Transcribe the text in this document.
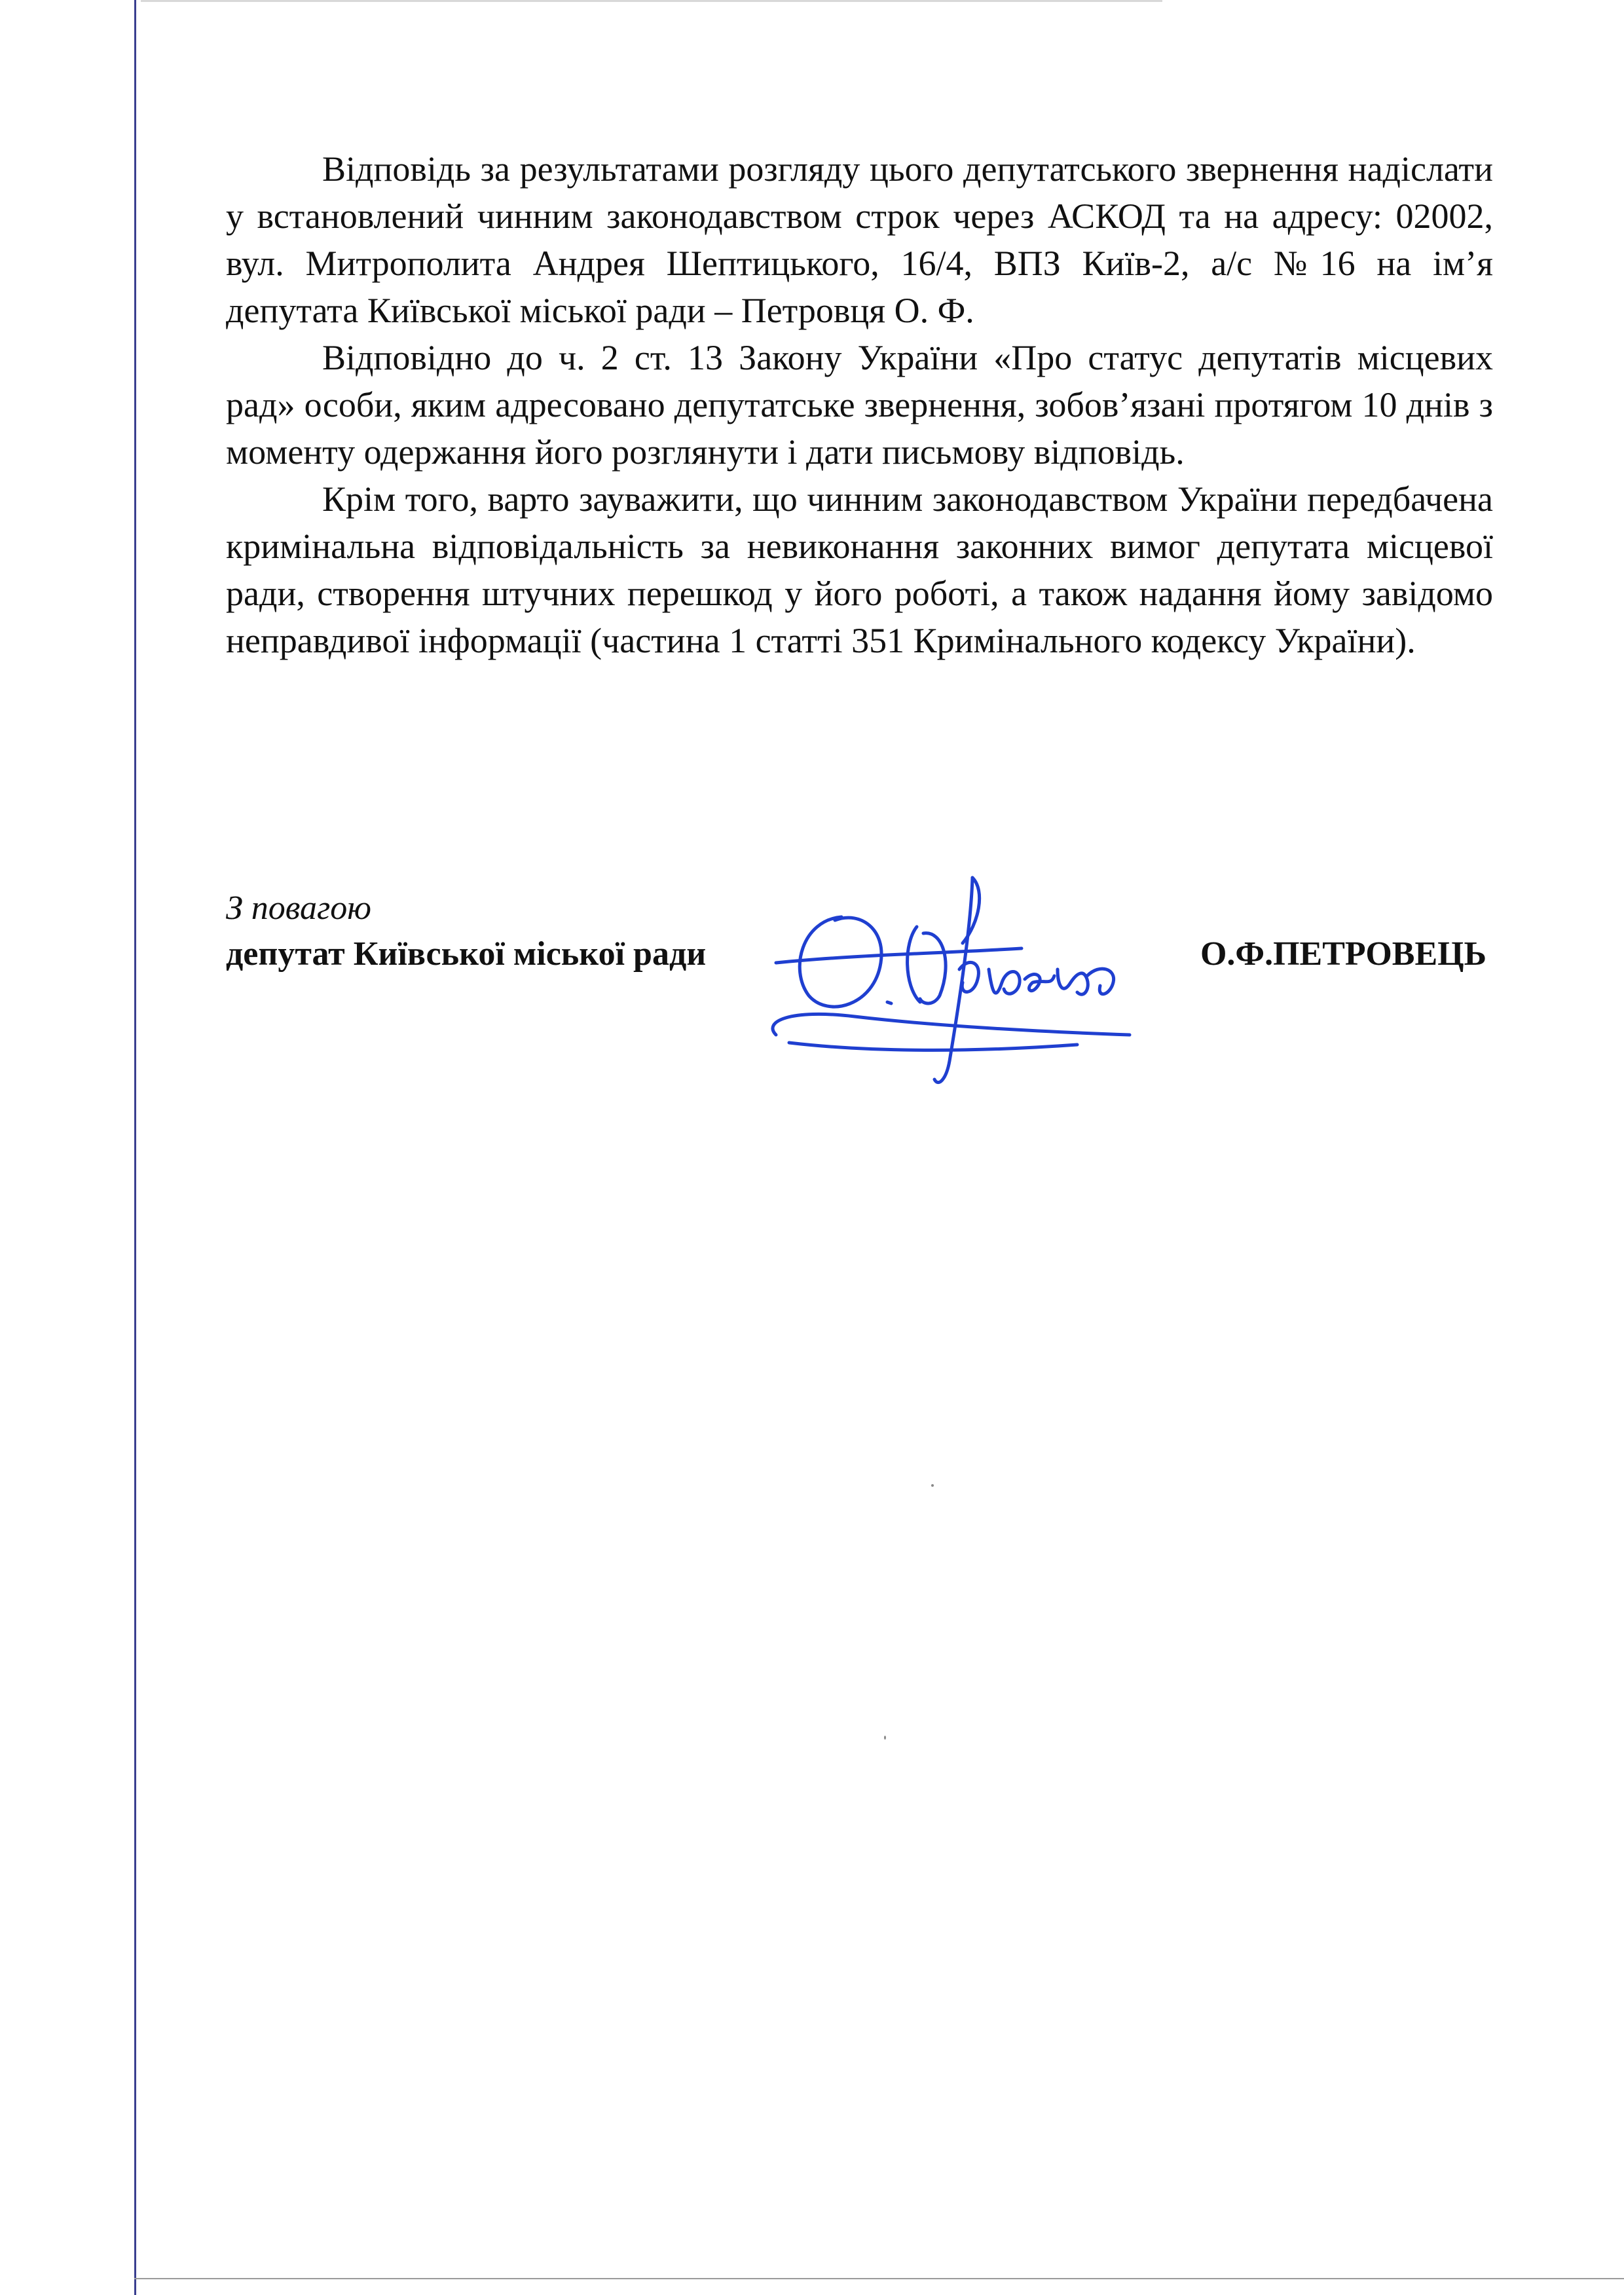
Відповідь за результатами розгляду цього депутатського звернення надіслати у встановлений чинним законодавством строк через АСКОД та на адресу: 02002, вул. Митрополита Андрея Шептицького, 16/4, ВПЗ Київ-2, а/с №16 на ім’я депутата Київської міської ради – Петровця О. Ф.

Відповідно до ч. 2 ст. 13 Закону України «Про статус депутатів місцевих рад» особи, яким адресовано депутатське звернення, зобов’язані протягом 10 днів з моменту одержання його розглянути і дати письмову відповідь.

Крім того, варто зауважити, що чинним законодавством України передбачена кримінальна відповідальність за невиконання законних вимог депутата місцевої ради, створення штучних перешкод у його роботі, а також надання йому завідомо неправдивої інформації (частина 1 статті 351 Кримінального кодексу України).

З повагою
депутат Київської міської ради	О.Ф.ПЕТРОВЕЦЬ
